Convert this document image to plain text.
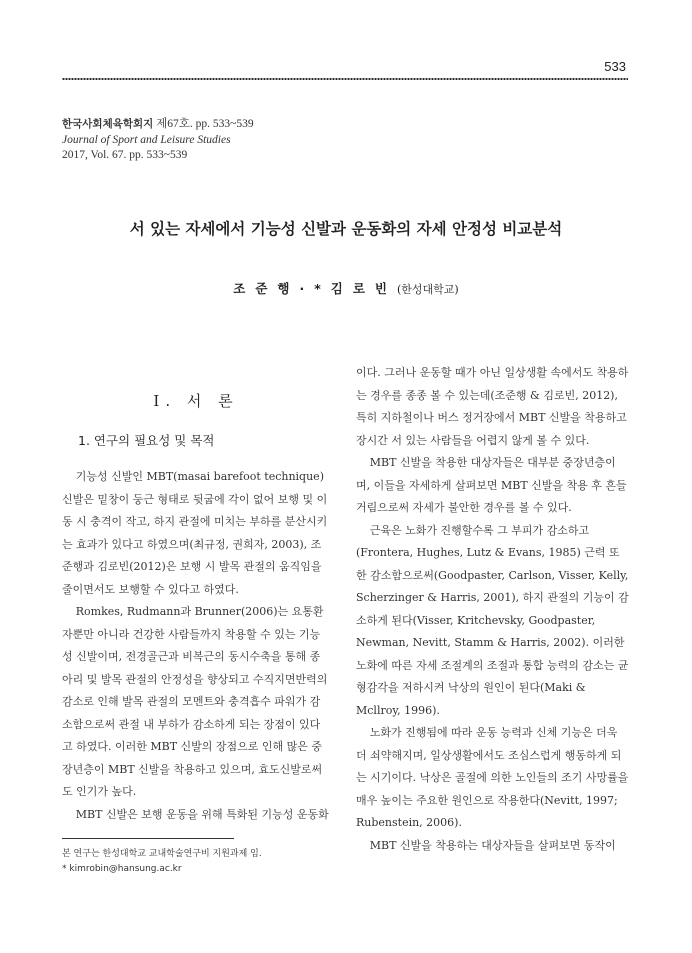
533
한국사회체육학회지 제67호. pp. 533~539
Journal of Sport and Leisure Studies
2017, Vol. 67. pp. 533~539
서 있는 자세에서 기능성 신발과 운동화의 자세 안정성 비교분석
조준행·*김로빈(한성대학교)
Ⅰ. 서 론
1. 연구의 필요성 및 목적

기능성 신발인 MBT(masai barefoot technique) 신발은 밑창이 둥근 형태로 뒷굽에 각이 없어 보행 및 이동 시 충격이 작고, 하지 관절에 미치는 부하를 분산시키는 효과가 있다고 하였으며(최규정, 권희자, 2003), 조준행과 김로빈(2012)은 보행 시 발목 관절의 움직임을 줄이면서도 보행할 수 있다고 하였다.

Romkes, Rudmann과 Brunner(2006)는 요통환자뿐만 아니라 건강한 사람들까지 착용할 수 있는 기능성 신발이며, 전경골근과 비복근의 동시수축을 통해 종아리 및 발목 관절의 안정성을 향상되고 수직지면반력의 감소로 인해 발목 관절의 모멘트와 충격흡수 파워가 감소함으로써 관절 내 부하가 감소하게 되는 장점이 있다고 하였다. 이러한 MBT 신발의 장점으로 인해 많은 중장년층이 MBT 신발을 착용하고 있으며, 효도신발로써도 인기가 높다.

MBT 신발은 보행 운동을 위해 특화된 기능성 운동화

이다. 그러나 운동할 때가 아닌 일상생활 속에서도 착용하는 경우를 종종 볼 수 있는데(조준행 & 김로빈, 2012), 특히 지하철이나 버스 정거장에서 MBT 신발을 착용하고 장시간 서 있는 사람들을 어렵지 않게 볼 수 있다.

MBT 신발을 착용한 대상자들은 대부분 중장년층이며, 이들을 자세하게 살펴보면 MBT 신발을 착용 후 흔들거림으로써 자세가 불안한 경우를 볼 수 있다.

근육은 노화가 진행할수록 그 부피가 감소하고(Frontera, Hughes, Lutz & Evans, 1985) 근력 또한 감소함으로써(Goodpaster, Carlson, Visser, Kelly, Scherzinger & Harris, 2001), 하지 관절의 기능이 감소하게 된다(Visser, Kritchevsky, Goodpaster, Newman, Nevitt, Stamm & Harris, 2002). 이러한 노화에 따른 자세 조절계의 조절과 통합 능력의 감소는 균형감각을 저하시켜 낙상의 원인이 된다(Maki & Mcllroy, 1996).

노화가 진행됨에 따라 운동 능력과 신체 기능은 더욱 더 쇠약해지며, 일상생활에서도 조심스럽게 행동하게 되는 시기이다. 낙상은 골절에 의한 노인들의 조기 사망률을 매우 높이는 주요한 원인으로 작용한다(Nevitt, 1997; Rubenstein, 2006).

MBT 신발을 착용하는 대상자들을 살펴보면 동작이

본 연구는 한성대학교 교내학술연구비 지원과제 임.
* kimrobin@hansung.ac.kr
